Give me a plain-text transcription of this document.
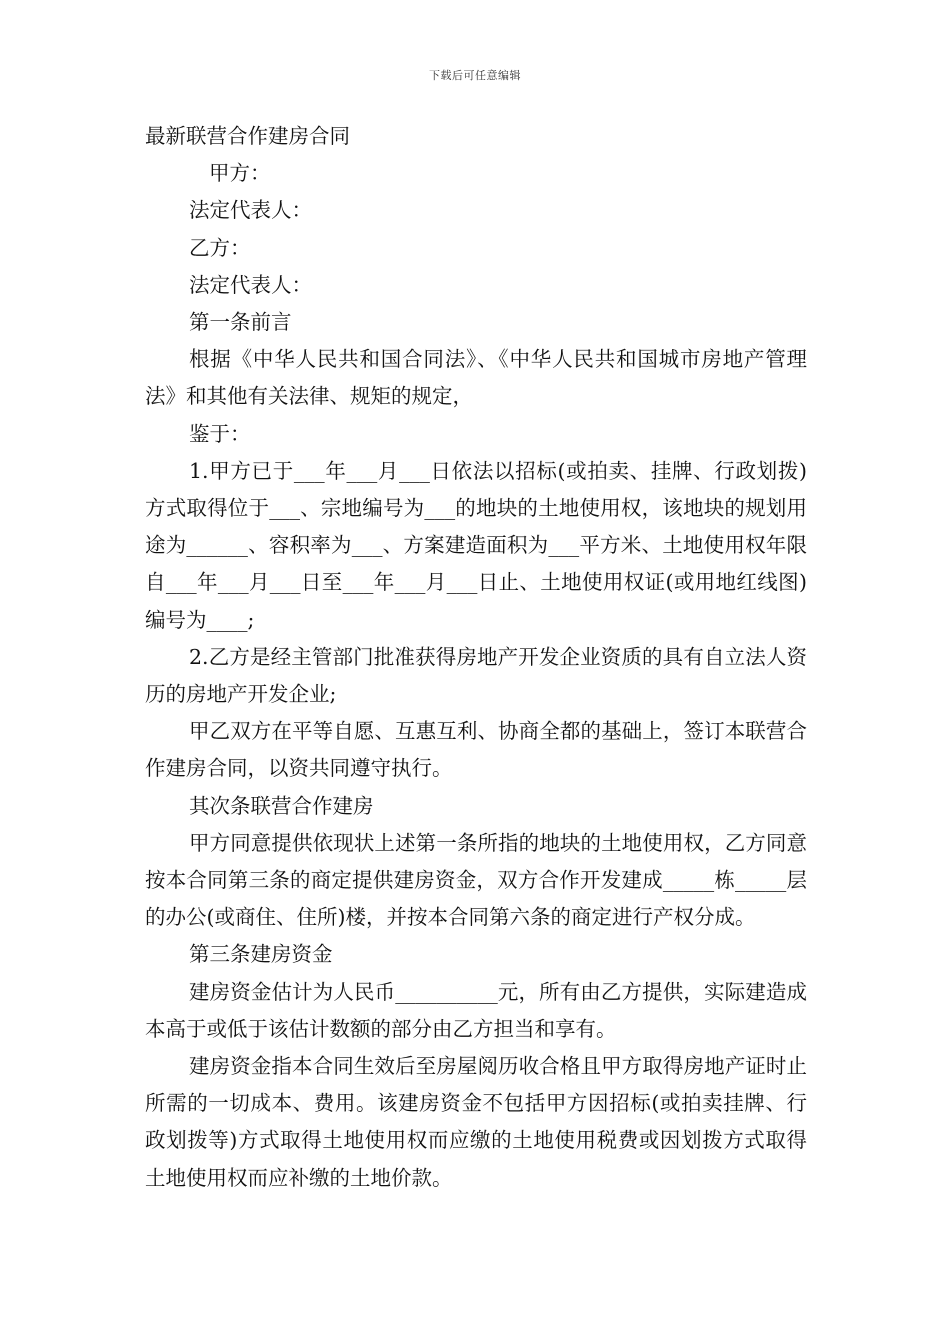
下载后可任意编辑

最新联营合作建房合同

甲方：

法定代表人：

乙方：

法定代表人：

第一条前言

根据《中华人民共和国合同法》、《中华人民共和国城市房地产管理法》和其他有关法律、规矩的规定，

鉴于：

1.甲方已于___年___月___日依法以招标(或拍卖、挂牌、行政划拨)方式取得位于___、宗地编号为___的地块的土地使用权，该地块的规划用途为______、容积率为___、方案建造面积为___平方米、土地使用权年限自___年___月___日至___年___月___日止、土地使用权证(或用地红线图)编号为____;

2.乙方是经主管部门批准获得房地产开发企业资质的具有自立法人资历的房地产开发企业;

甲乙双方在平等自愿、互惠互利、协商全都的基础上，签订本联营合作建房合同，以资共同遵守执行。

其次条联营合作建房

甲方同意提供依现状上述第一条所指的地块的土地使用权，乙方同意按本合同第三条的商定提供建房资金，双方合作开发建成_____栋_____层的办公(或商住、住所)楼，并按本合同第六条的商定进行产权分成。

第三条建房资金

建房资金估计为人民币__________元，所有由乙方提供，实际建造成本高于或低于该估计数额的部分由乙方担当和享有。

建房资金指本合同生效后至房屋阅历收合格且甲方取得房地产证时止所需的一切成本、费用。该建房资金不包括甲方因招标(或拍卖挂牌、行政划拨等)方式取得土地使用权而应缴的土地使用税费或因划拨方式取得土地使用权而应补缴的土地价款。
